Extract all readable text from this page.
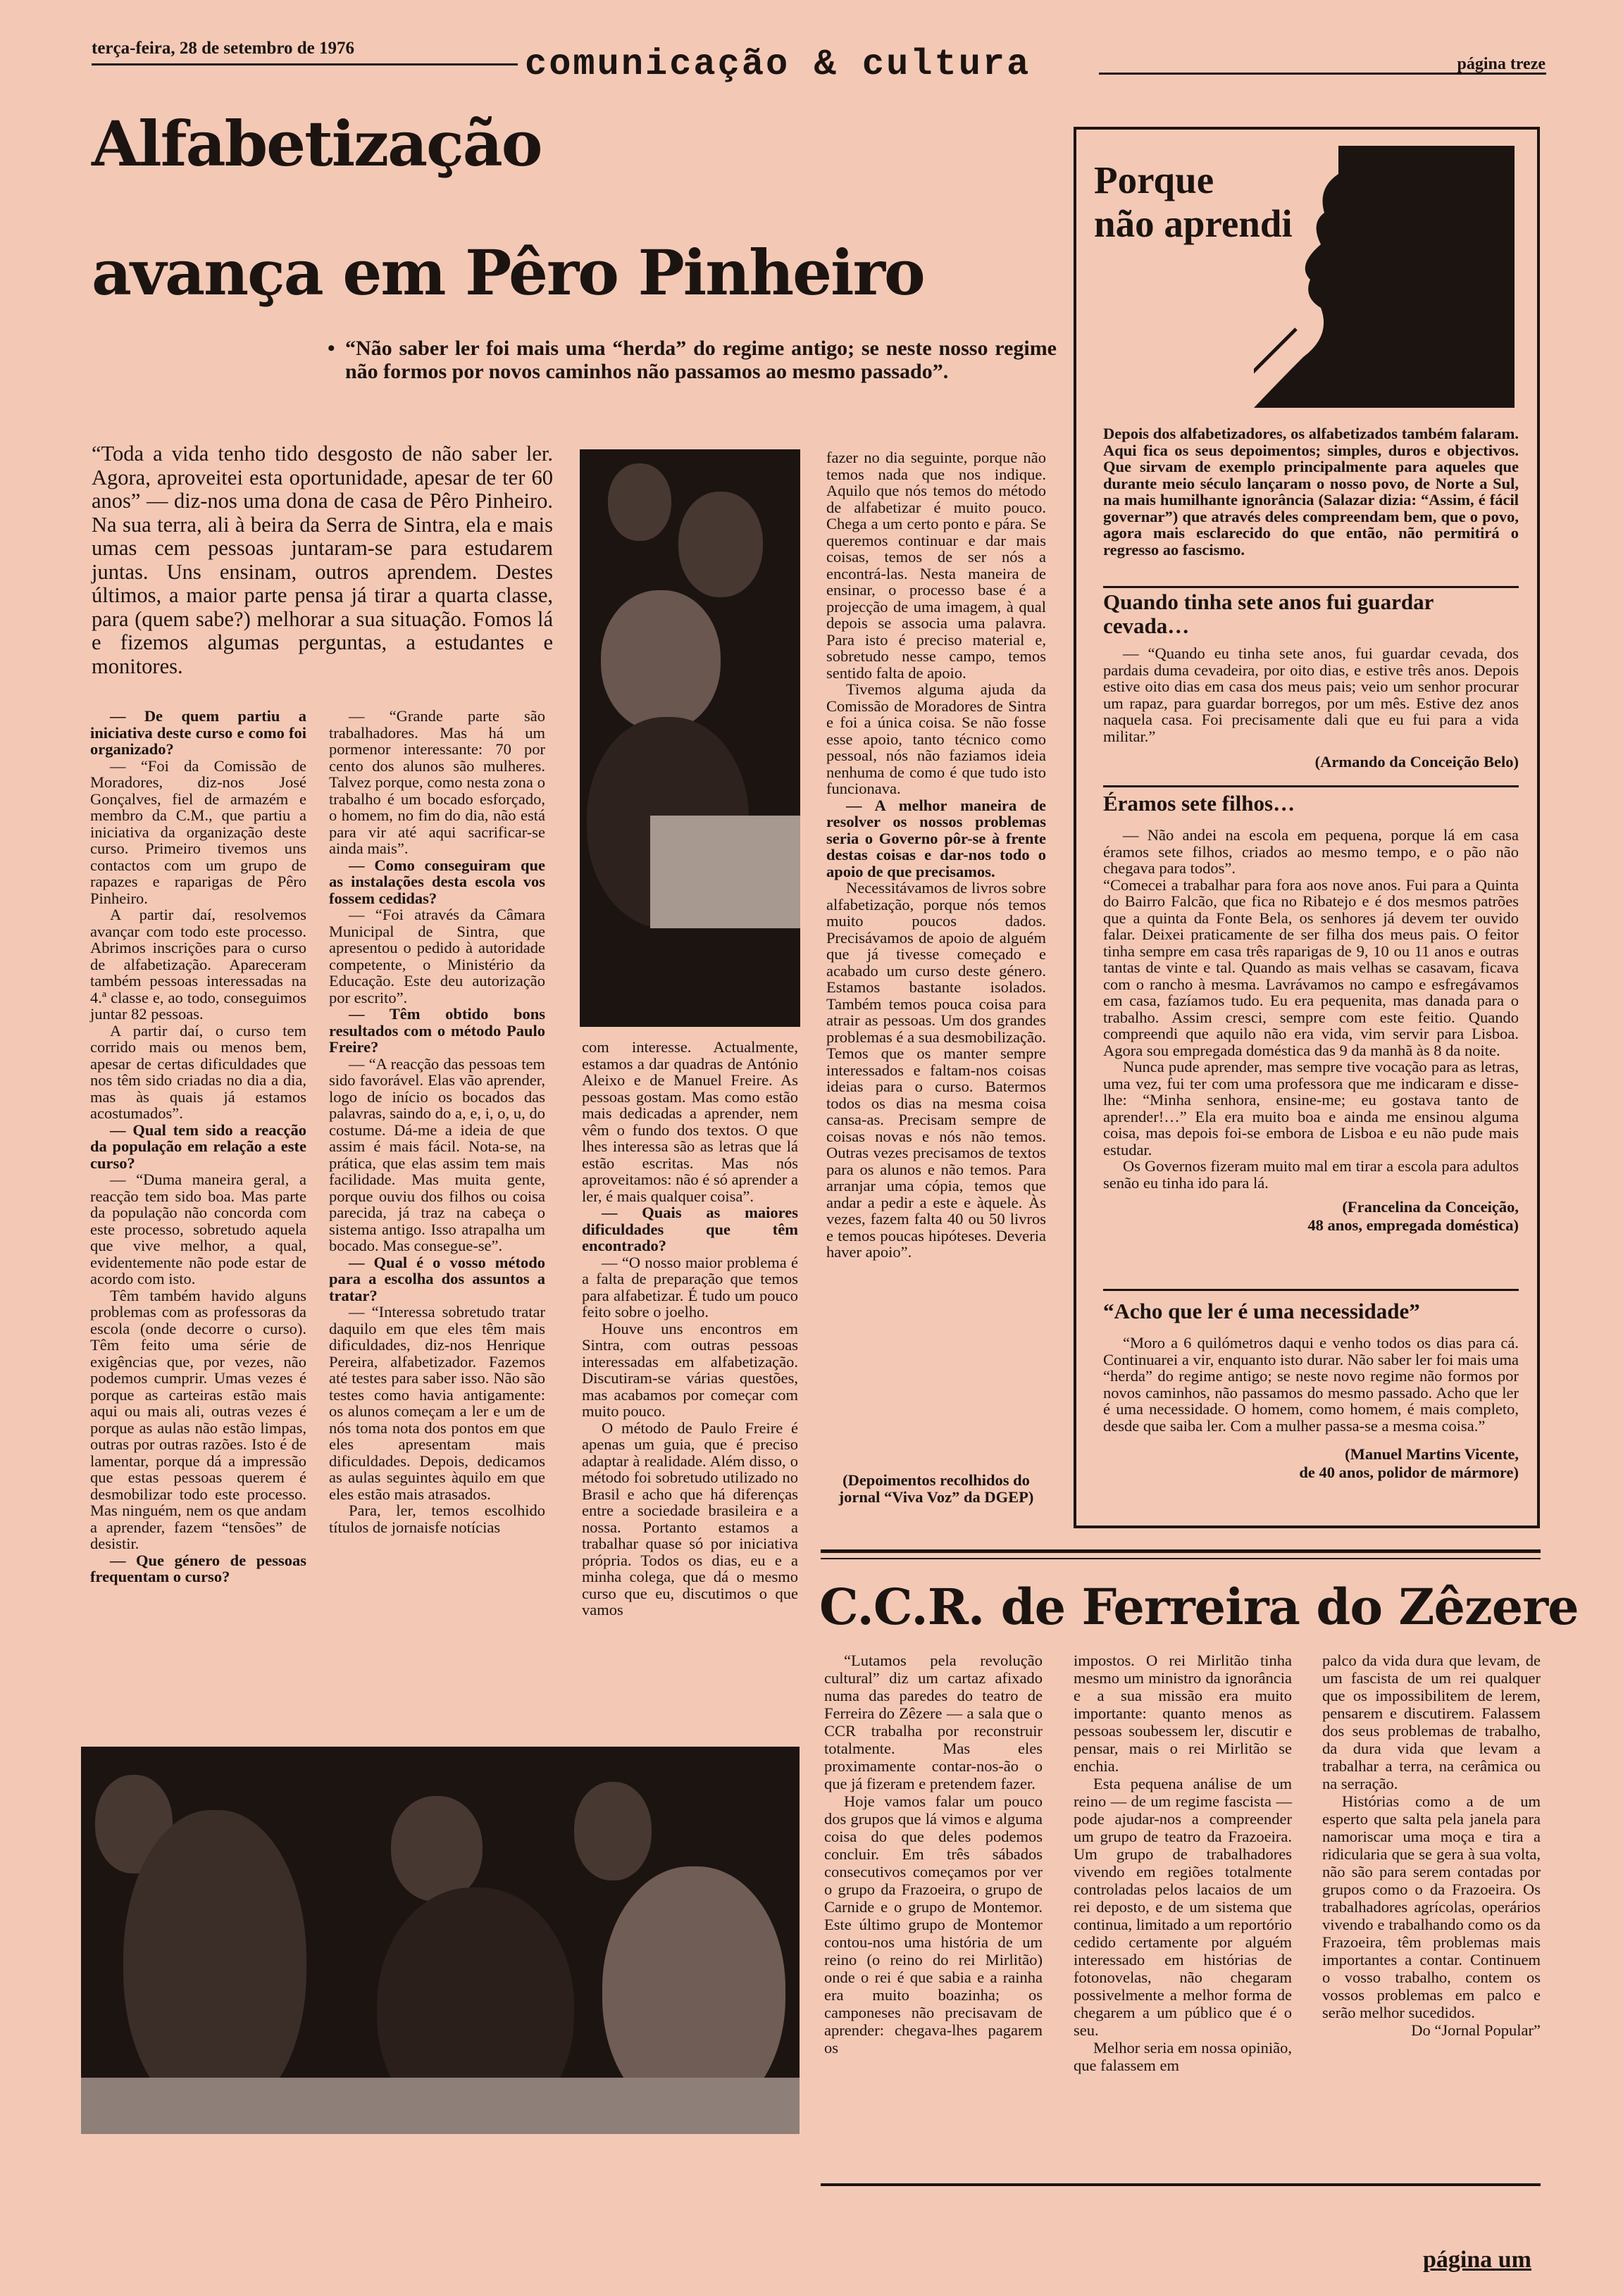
terça-feira, 28 de setembro de 1976	comunicação & cultura	página treze
Alfabetização
avança em Pêro Pinheiro
• “Não saber ler foi mais uma “herda” do regime antigo; se neste nosso regime não formos por novos caminhos não passamos ao mesmo passado”.
“Toda a vida tenho tido desgosto de não saber ler. Agora, aproveitei esta oportunidade, apesar de ter 60 anos” — diz-nos uma dona de casa de Pêro Pinheiro. Na sua terra, ali à beira da Serra de Sintra, ela e mais umas cem pessoas juntaram-se para estudarem juntas. Uns ensinam, outros aprendem. Destes últimos, a maior parte pensa já tirar a quarta classe, para (quem sabe?) melhorar a sua situação. Fomos lá e fizemos algumas perguntas, a estudantes e monitores.

— De quem partiu a iniciativa deste curso e como foi organizado?

— “Foi da Comissão de Moradores, diz-nos José Gonçalves, fiel de armazém e membro da C.M., que partiu a iniciativa da organização deste curso. Primeiro tivemos uns contactos com um grupo de rapazes e raparigas de Pêro Pinheiro.

A partir daí, resolvemos avançar com todo este processo. Abrimos inscrições para o curso de alfabetização. Apareceram também pessoas interessadas na 4.ª classe e, ao todo, conseguimos juntar 82 pessoas.

A partir daí, o curso tem corrido mais ou menos bem, apesar de certas dificuldades que nos têm sido criadas no dia a dia, mas às quais já estamos acostumados”.

— Qual tem sido a reacção da população em relação a este curso?

— “Duma maneira geral, a reacção tem sido boa. Mas parte da população não concorda com este processo, sobretudo aquela que vive melhor, a qual, evidentemente não pode estar de acordo com isto.

Têm também havido alguns problemas com as professoras da escola (onde decorre o curso). Têm feito uma série de exigências que, por vezes, não podemos cumprir. Umas vezes é porque as carteiras estão mais aqui ou mais ali, outras vezes é porque as aulas não estão limpas, outras por outras razões. Isto é de lamentar, porque dá a impressão que estas pessoas querem é desmobilizar todo este processo. Mas ninguém, nem os que andam a aprender, fazem “tensões” de desistir.

— Que género de pessoas frequentam o curso?

— “Grande parte são trabalhadores. Mas há um pormenor interessante: 70 por cento dos alunos são mulheres. Talvez porque, como nesta zona o trabalho é um bocado esforçado, o homem, no fim do dia, não está para vir até aqui sacrificar-se ainda mais”.

— Como conseguiram que as instalações desta escola vos fossem cedidas?

— “Foi através da Câmara Municipal de Sintra, que apresentou o pedido à autoridade competente, o Ministério da Educação. Este deu autorização por escrito”.

— Têm obtido bons resultados com o método Paulo Freire?

— “A reacção das pessoas tem sido favorável. Elas vão aprender, logo de início os bocados das palavras, saindo do a, e, i, o, u, do costume. Dá-me a ideia de que assim é mais fácil. Nota-se, na prática, que elas assim tem mais facilidade. Mas muita gente, porque ouviu dos filhos ou coisa parecida, já traz na cabeça o sistema antigo. Isso atrapalha um bocado. Mas consegue-se”.

— Qual é o vosso método para a escolha dos assuntos a tratar?

— “Interessa sobretudo tratar daquilo em que eles têm mais dificuldades, diz-nos Henrique Pereira, alfabetizador. Fazemos até testes para saber isso. Não são testes como havia antigamente: os alunos começam a ler e um de nós toma nota dos pontos em que eles apresentam mais dificuldades. Depois, dedicamos as aulas seguintes àquilo em que eles estão mais atrasados.

Para, ler, temos escolhido títulos de jornaisfe notícias

com interesse. Actualmente, estamos a dar quadras de António Aleixo e de Manuel Freire. As pessoas gostam. Mas como estão mais dedicadas a aprender, nem vêm o fundo dos textos. O que lhes interessa são as letras que lá estão escritas. Mas nós aproveitamos: não é só aprender a ler, é mais qualquer coisa”.

— Quais as maiores dificuldades que têm encontrado?

— “O nosso maior problema é a falta de preparação que temos para alfabetizar. É tudo um pouco feito sobre o joelho.

Houve uns encontros em Sintra, com outras pessoas interessadas em alfabetização. Discutiram-se várias questões, mas acabamos por começar com muito pouco.

O método de Paulo Freire é apenas um guia, que é preciso adaptar à realidade. Além disso, o método foi sobretudo utilizado no Brasil e acho que há diferenças entre a sociedade brasileira e a nossa. Portanto estamos a trabalhar quase só por iniciativa própria. Todos os dias, eu e a minha colega, que dá o mesmo curso que eu, discutimos o que vamos

fazer no dia seguinte, porque não temos nada que nos indique. Aquilo que nós temos do método de alfabetizar é muito pouco. Chega a um certo ponto e pára. Se queremos continuar e dar mais coisas, temos de ser nós a encontrá-las. Nesta maneira de ensinar, o processo base é a projecção de uma imagem, à qual depois se associa uma palavra. Para isto é preciso material e, sobretudo nesse campo, temos sentido falta de apoio.

Tivemos alguma ajuda da Comissão de Moradores de Sintra e foi a única coisa. Se não fosse esse apoio, tanto técnico como pessoal, nós não faziamos ideia nenhuma de como é que tudo isto funcionava.

— A melhor maneira de resolver os nossos problemas seria o Governo pôr-se à frente destas coisas e dar-nos todo o apoio de que precisamos.

Necessitávamos de livros sobre alfabetização, porque nós temos muito poucos dados. Precisávamos de apoio de alguém que já tivesse começado e acabado um curso deste género. Estamos bastante isolados. Também temos pouca coisa para atrair as pessoas. Um dos grandes problemas é a sua desmobilização. Temos que os manter sempre interessados e faltam-nos coisas ideias para o curso. Batermos todos os dias na mesma coisa cansa-as. Precisam sempre de coisas novas e nós não temos. Outras vezes precisamos de textos para os alunos e não temos. Para arranjar uma cópia, temos que andar a pedir a este e àquele. Às vezes, fazem falta 40 ou 50 livros e temos poucas hipóteses. Deveria haver apoio”.

(Depoimentos recolhidos do jornal “Viva Voz” da DGEP)
Porque
não aprendi
Depois dos alfabetizadores, os alfabetizados também falaram. Aqui fica os seus depoimentos; simples, duros e objectivos. Que sirvam de exemplo principalmente para aqueles que durante meio século lançaram o nosso povo, de Norte a Sul, na mais humilhante ignorância (Salazar dizia: “Assim, é fácil governar”) que através deles compreendam bem, que o povo, agora mais esclarecido do que então, não permitirá o regresso ao fascismo.
Quando tinha sete anos fui guardar cevada…

— “Quando eu tinha sete anos, fui guardar cevada, dos pardais duma cevadeira, por oito dias, e estive três anos. Depois estive oito dias em casa dos meus pais; veio um senhor procurar um rapaz, para guardar borregos, por um mês. Estive dez anos naquela casa. Foi precisamente dali que eu fui para a vida militar.”

(Armando da Conceição Belo)
Éramos sete filhos…

— Não andei na escola em pequena, porque lá em casa éramos sete filhos, criados ao mesmo tempo, e o pão não chegava para todos”.

“Comecei a trabalhar para fora aos nove anos. Fui para a Quinta do Bairro Falcão, que fica no Ribatejo e é dos mesmos patrões que a quinta da Fonte Bela, os senhores já devem ter ouvido falar. Deixei praticamente de ser filha dos meus pais. O feitor tinha sempre em casa três raparigas de 9, 10 ou 11 anos e outras tantas de vinte e tal. Quando as mais velhas se casavam, ficava com o rancho à mesma. Lavrávamos no campo e esfregávamos em casa, fazíamos tudo. Eu era pequenita, mas danada para o trabalho. Assim cresci, sempre com este feitio. Quando compreendi que aquilo não era vida, vim servir para Lisboa. Agora sou empregada doméstica das 9 da manhã às 8 da noite.

Nunca pude aprender, mas sempre tive vocação para as letras, uma vez, fui ter com uma professora que me indicaram e disse-lhe: “Minha senhora, ensine-me; eu gostava tanto de aprender!…” Ela era muito boa e ainda me ensinou alguma coisa, mas depois foi-se embora de Lisboa e eu não pude mais estudar.

Os Governos fizeram muito mal em tirar a escola para adultos senão eu tinha ido para lá.

(Francelina da Conceição,
48 anos, empregada doméstica)
“Acho que ler é uma necessidade”

“Moro a 6 quilómetros daqui e venho todos os dias para cá. Continuarei a vir, enquanto isto durar. Não saber ler foi mais uma “herda” do regime antigo; se neste novo regime não formos por novos caminhos, não passamos do mesmo passado. Acho que ler é uma necessidade. O homem, como homem, é mais completo, desde que saiba ler. Com a mulher passa-se a mesma coisa.”

(Manuel Martins Vicente,
de 40 anos, polidor de mármore)
C.C.R. de Ferreira do Zêzere

“Lutamos pela revolução cultural” diz um cartaz afixado numa das paredes do teatro de Ferreira do Zêzere — a sala que o CCR trabalha por reconstruir totalmente. Mas eles proximamente contar-nos-ão o que já fizeram e pretendem fazer.

Hoje vamos falar um pouco dos grupos que lá vimos e alguma coisa do que deles podemos concluir. Em três sábados consecutivos começamos por ver o grupo da Frazoeira, o grupo de Carnide e o grupo de Montemor. Este último grupo de Montemor contou-nos uma história de um reino (o reino do rei Mirlitão) onde o rei é que sabia e a rainha era muito boazinha; os camponeses não precisavam de aprender: chegava-lhes pagarem os

impostos. O rei Mirlitão tinha mesmo um ministro da ignorância e a sua missão era muito importante: quanto menos as pessoas soubessem ler, discutir e pensar, mais o rei Mirlitão se enchia.

Esta pequena análise de um reino — de um regime fascista — pode ajudar-nos a compreender um grupo de teatro da Frazoeira. Um grupo de trabalhadores vivendo em regiões totalmente controladas pelos lacaios de um rei deposto, e de um sistema que continua, limitado a um reportório cedido certamente por alguém interessado em histórias de fotonovelas, não chegaram possivelmente a melhor forma de chegarem a um público que é o seu.

Melhor seria em nossa opinião, que falassem em

palco da vida dura que levam, de um fascista de um rei qualquer que os impossibilitem de lerem, pensarem e discutirem. Falassem dos seus problemas de trabalho, da dura vida que levam a trabalhar a terra, na cerâmica ou na serração.

Histórias como a de um esperto que salta pela janela para namoriscar uma moça e tira a ridicularia que se gera à sua volta, não são para serem contadas por grupos como o da Frazoeira. Os trabalhadores agrícolas, operários vivendo e trabalhando como os da Frazoeira, têm problemas mais importantes a contar. Continuem o vosso trabalho, contem os vossos problemas em palco e serão melhor sucedidos.

Do “Jornal Popular”

página um
